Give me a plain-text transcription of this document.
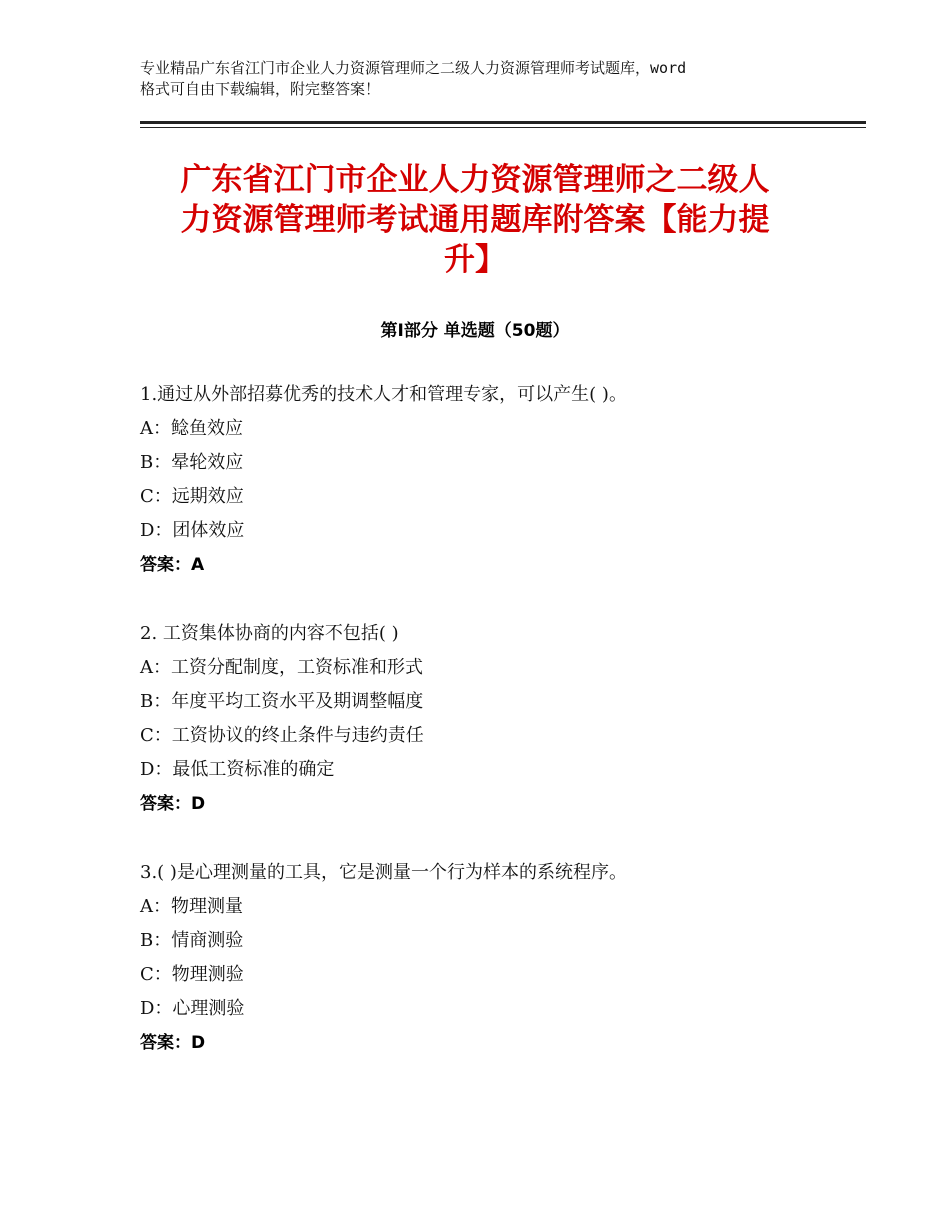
专业精品广东省江门市企业人力资源管理师之二级人力资源管理师考试题库，word
格式可自由下载编辑，附完整答案！
广东省江门市企业人力资源管理师之二级人
力资源管理师考试通用题库附答案【能力提
升】
第Ⅰ部分 单选题（50题）
1.通过从外部招募优秀的技术人才和管理专家，可以产生( )。
A：鲶鱼效应
B：晕轮效应
C：远期效应
D：团体效应
答案：A
2. 工资集体协商的内容不包括( )
A：工资分配制度，工资标准和形式
B：年度平均工资水平及期调整幅度
C：工资协议的终止条件与违约责任
D：最低工资标准的确定
答案：D
3.( )是心理测量的工具，它是测量一个行为样本的系统程序。
A：物理测量
B：情商测验
C：物理测验
D：心理测验
答案：D
